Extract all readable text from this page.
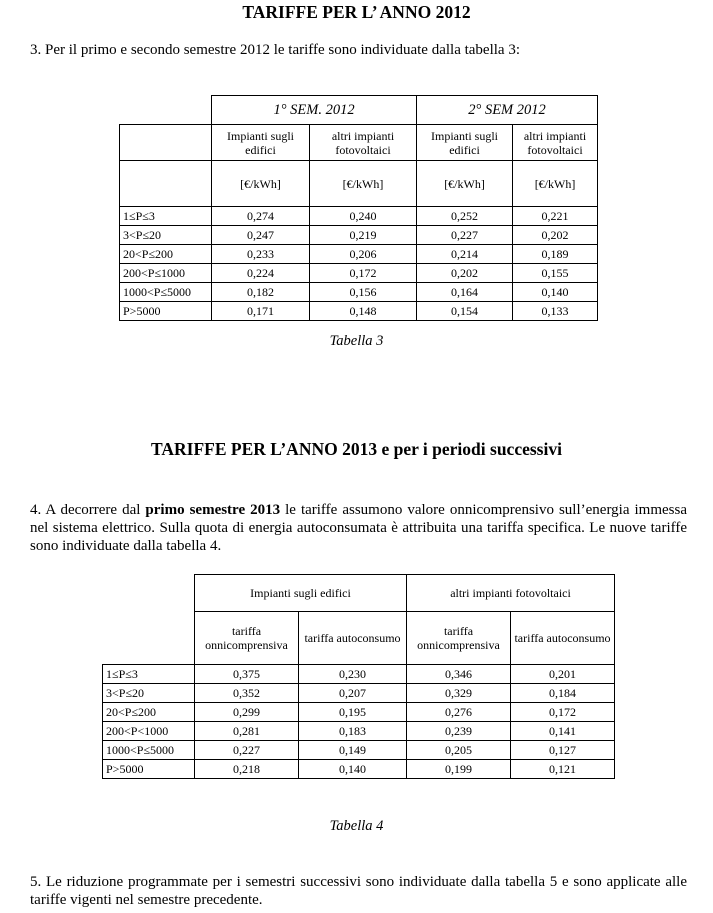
TARIFFE PER L’ ANNO 2012
3. Per il primo e secondo semestre 2012 le tariffe sono individuate dalla tabella 3:
	1° SEM. 2012		2° SEM 2012	
	Impianti sugli edifici	altri impianti fotovoltaici	Impianti sugli edifici	altri impianti fotovoltaici
	[€/kWh]	[€/kWh]	[€/kWh]	[€/kWh]
1≤P≤3	0,274	0,240	0,252	0,221
3<P≤20	0,247	0,219	0,227	0,202
20<P≤200	0,233	0,206	0,214	0,189
200<P≤1000	0,224	0,172	0,202	0,155
1000<P≤5000	0,182	0,156	0,164	0,140
P>5000	0,171	0,148	0,154	0,133
Tabella 3
TARIFFE PER L’ANNO 2013 e per i periodi successivi
4. A decorrere dal primo semestre 2013 le tariffe assumono valore onnicomprensivo sull’energia immessa nel sistema elettrico. Sulla quota di energia autoconsumata è attribuita una tariffa specifica. Le nuove tariffe sono individuate dalla tabella 4.
	Impianti sugli edifici		altri impianti fotovoltaici	
	tariffa onnicomprensiva	tariffa autoconsumo	tariffa onnicomprensiva	tariffa autoconsumo
1≤P≤3	0,375	0,230	0,346	0,201
3<P≤20	0,352	0,207	0,329	0,184
20<P≤200	0,299	0,195	0,276	0,172
200<P<1000	0,281	0,183	0,239	0,141
1000<P≤5000	0,227	0,149	0,205	0,127
P>5000	0,218	0,140	0,199	0,121
Tabella 4
5. Le riduzione programmate per i semestri successivi sono individuate dalla tabella 5 e sono applicate alle tariffe vigenti nel semestre precedente.
